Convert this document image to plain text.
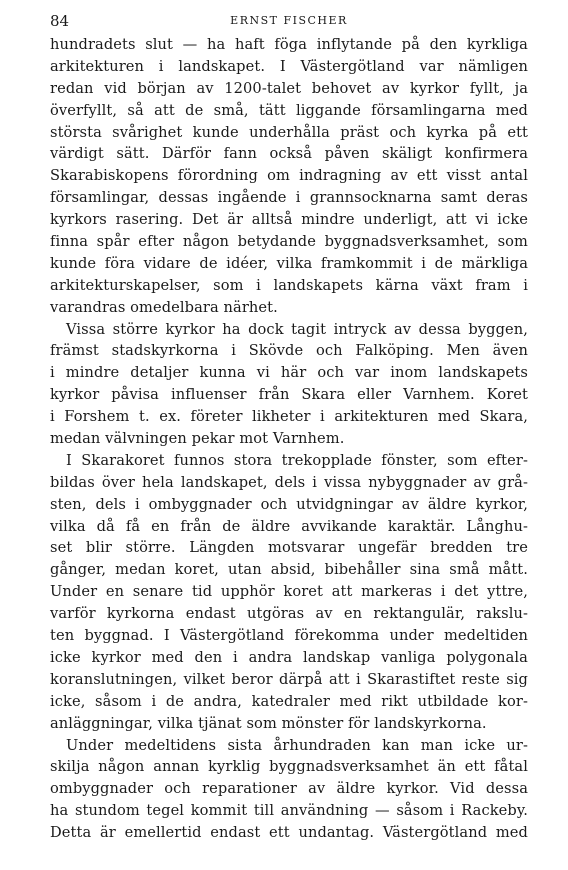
84	ERNST FISCHER
hundradets slut — ha haft föga inflytande på den kyrkliga
arkitekturen i landskapet. I Västergötland var nämligen
redan vid början av 1200-talet behovet av kyrkor fyllt, ja
överfyllt, så att de små, tätt liggande församlingarna med
största svårighet kunde underhålla präst och kyrka på ett
värdigt sätt. Därför fann också påven skäligt konfirmera
Skarabiskopens förordning om indragning av ett visst antal
församlingar, dessas ingående i grannsocknarna samt deras
kyrkors rasering. Det är alltså mindre underligt, att vi icke
finna spår efter någon betydande byggnadsverksamhet, som
kunde föra vidare de idéer, vilka framkommit i de märkliga
arkitekturskapelser, som i landskapets kärna växt fram i
varandras omedelbara närhet.
Vissa större kyrkor ha dock tagit intryck av dessa byggen,
främst stadskyrkorna i Skövde och Falköping. Men även
i mindre detaljer kunna vi här och var inom landskapets
kyrkor påvisa influenser från Skara eller Varnhem. Koret
i Forshem t. ex. företer likheter i arkitekturen med Skara,
medan välvningen pekar mot Varnhem.
I Skarakoret funnos stora trekopplade fönster, som efter-
bildas över hela landskapet, dels i vissa nybyggnader av grå-
sten, dels i ombyggnader och utvidgningar av äldre kyrkor,
vilka då få en från de äldre avvikande karaktär. Långhu-
set blir större. Längden motsvarar ungefär bredden tre
gånger, medan koret, utan absid, bibehåller sina små mått.
Under en senare tid upphör koret att markeras i det yttre,
varför kyrkorna endast utgöras av en rektangulär, rakslu-
ten byggnad. I Västergötland förekomma under medeltiden
icke kyrkor med den i andra landskap vanliga polygonala
koranslutningen, vilket beror därpå att i Skarastiftet reste sig
icke, såsom i de andra, katedraler med rikt utbildade kor-
anläggningar, vilka tjänat som mönster för landskyrkorna.
Under medeltidens sista århundraden kan man icke ur-
skilja någon annan kyrklig byggnadsverksamhet än ett fåtal
ombyggnader och reparationer av äldre kyrkor. Vid dessa
ha stundom tegel kommit till användning — såsom i Rackeby.
Detta är emellertid endast ett undantag. Västergötland med
